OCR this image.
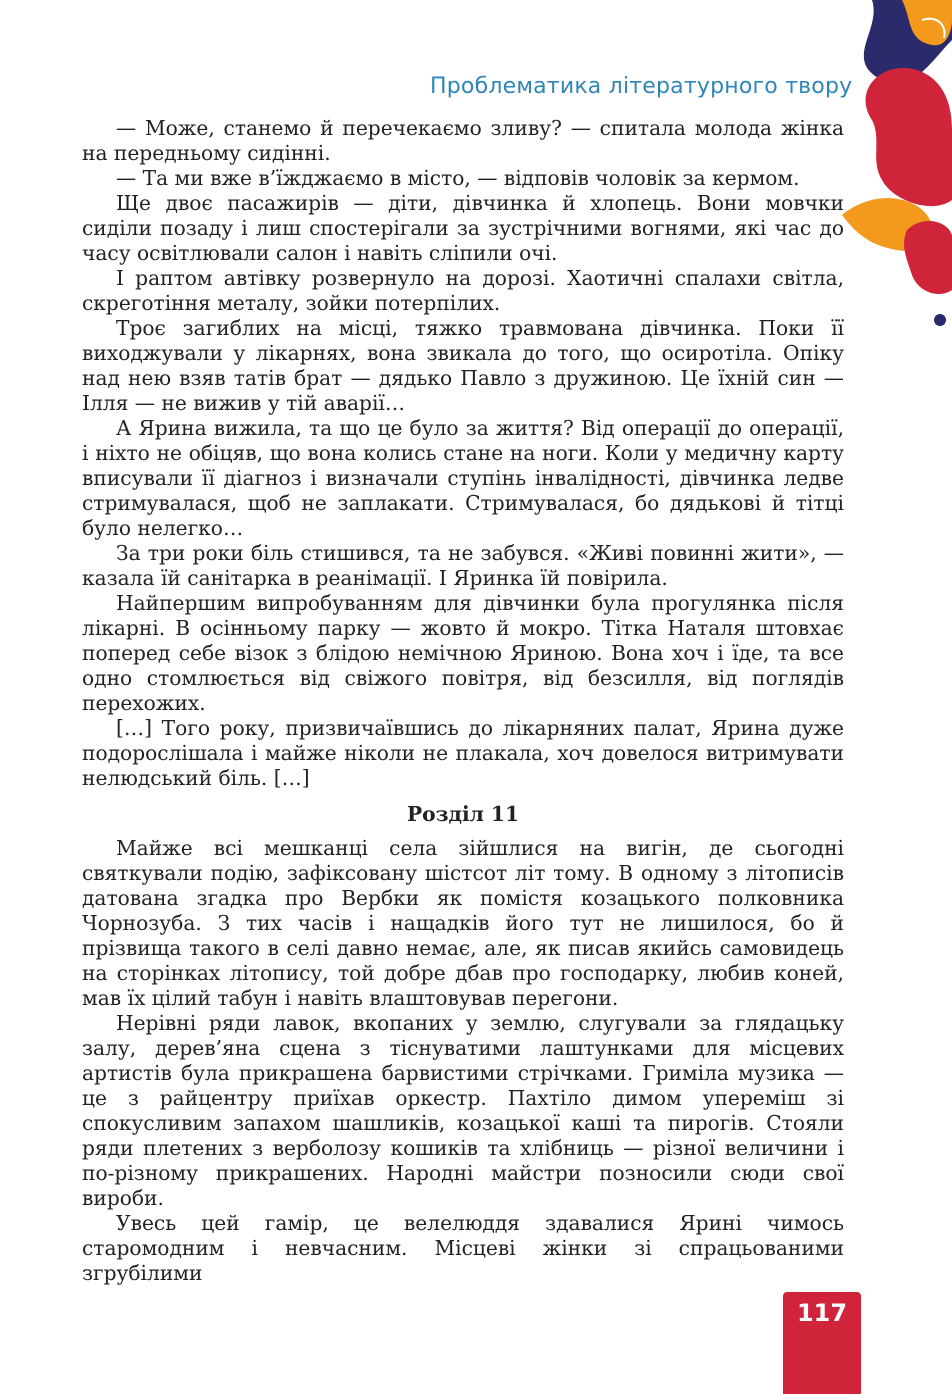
Проблематика літературного твору

— Може, станемо й перечекаємо зливу? — спитала молода жінка на передньому сидінні.

— Та ми вже в’їжджаємо в місто, — відповів чоловік за кермом.

Ще двоє пасажирів — діти, дівчинка й хлопець. Вони мовчки сиділи позаду і лиш спостерігали за зустрічними вогнями, які час до часу освітлювали салон і навіть сліпили очі.

І раптом автівку розвернуло на дорозі. Хаотичні спалахи світла, скреготіння металу, зойки потерпілих.

Троє загиблих на місці, тяжко травмована дівчинка. Поки її виходжували у лікарнях, вона звикала до того, що осиротіла. Опіку над нею взяв татів брат — дядько Павло з дружиною. Це їхній син — Ілля — не вижив у тій аварії…

А Ярина вижила, та що це було за життя? Від операції до операції, і ніхто не обіцяв, що вона колись стане на ноги. Коли у медичну карту вписували її діагноз і визначали ступінь інвалідності, дівчинка ледве стримувалася, щоб не заплакати. Стримувалася, бо дядькові й тітці було нелегко…

За три роки біль стишився, та не забувся. «Живі повинні жити», — казала їй санітарка в реанімації. І Яринка їй повірила.

Найпершим випробуванням для дівчинки була прогулянка після лікарні. В осінньому парку — жовто й мокро. Тітка Наталя штовхає поперед себе візок з блідою немічною Яриною. Вона хоч і їде, та все одно стомлюється від свіжого повітря, від безсилля, від поглядів перехожих.

[…] Того року, призвичаївшись до лікарняних палат, Ярина дуже подорослішала і майже ніколи не плакала, хоч довелося витримувати нелюдський біль. […]

Розділ 11

Майже всі мешканці села зійшлися на вигін, де сьогодні святкували подію, зафіксовану шістсот літ тому. В одному з літописів датована згадка про Вербки як помістя козацького полковника Чорнозуба. З тих часів і нащадків його тут не лишилося, бо й прізвища такого в селі давно немає, але, як писав якийсь самовидець на сторінках літопису, той добре дбав про господарку, любив коней, мав їх цілий табун і навіть влаштовував перегони.

Нерівні ряди лавок, вкопаних у землю, слугували за глядацьку залу, дерев’яна сцена з тіснуватими лаштунками для місцевих артистів була прикрашена барвистими стрічками. Гриміла музика — це з райцентру приїхав оркестр. Пахтіло димом упереміш зі спокусливим запахом шашликів, козацької каші та пирогів. Стояли ряди плетених з верболозу кошиків та хлібниць — різної величини і по-різному прикрашених. Народні майстри позносили сюди свої вироби.

Увесь цей гамір, це велелюддя здавалися Ярині чимось старомодним і невчасним. Місцеві жінки зі спрацьованими згрубілими

117
